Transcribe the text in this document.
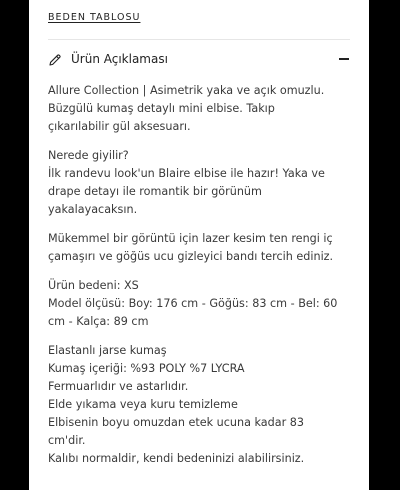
BEDEN TABLOSU
Ürün Açıklaması

Allure Collection | Asimetrik yaka ve açık omuzlu.
Büzgülü kumaş detaylı mini elbise. Takıp
çıkarılabilir gül aksesuarı.

Nerede giyilir?
İlk randevu look'un Blaire elbise ile hazır! Yaka ve
drape detayı ile romantik bir görünüm
yakalayacaksın.

Mükemmel bir görüntü için lazer kesim ten rengi iç
çamaşırı ve göğüs ucu gizleyici bandı tercih ediniz.

Ürün bedeni: XS
Model ölçüsü: Boy: 176 cm - Göğüs: 83 cm - Bel: 60
cm - Kalça: 89 cm

Elastanlı jarse kumaş
Kumaş içeriği: %93 POLY %7 LYCRA
Fermuarlıdır ve astarlıdır.
Elde yıkama veya kuru temizleme
Elbisenin boyu omuzdan etek ucuna kadar 83
cm'dir.
Kalıbı normaldir, kendi bedeninizi alabilirsiniz.
